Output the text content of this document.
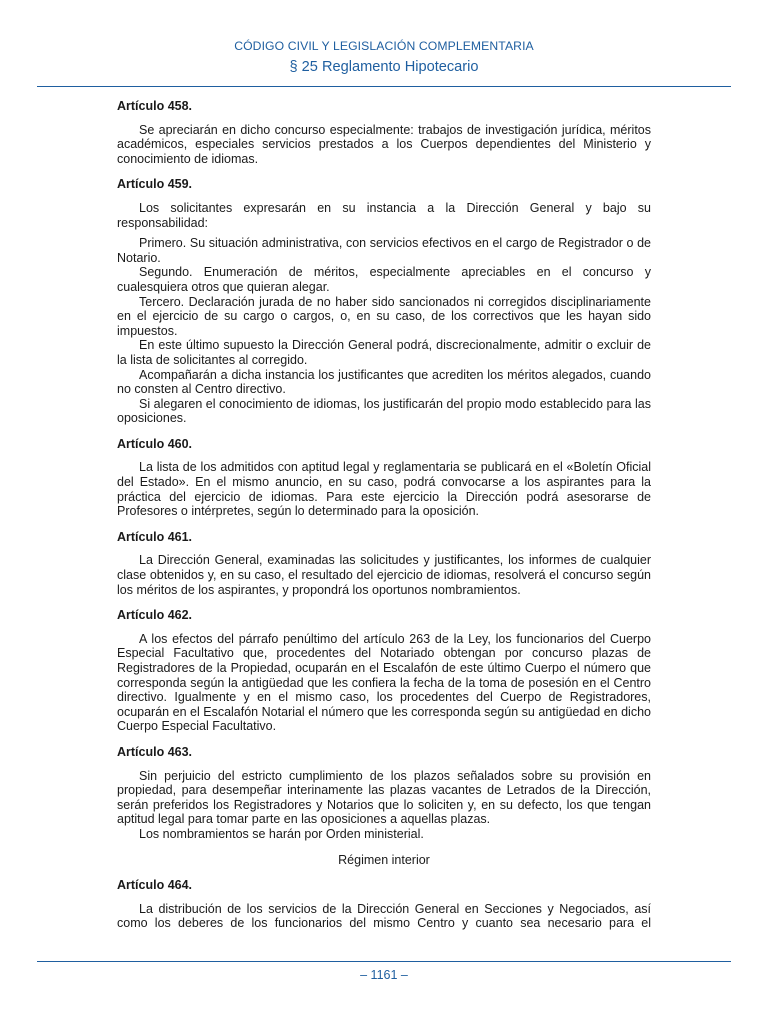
CÓDIGO CIVIL Y LEGISLACIÓN COMPLEMENTARIA
§ 25 Reglamento Hipotecario
Artículo 458.

Se apreciarán en dicho concurso especialmente: trabajos de investigación jurídica, méritos académicos, especiales servicios prestados a los Cuerpos dependientes del Ministerio y conocimiento de idiomas.

Artículo 459.

Los solicitantes expresarán en su instancia a la Dirección General y bajo su responsabilidad:

Primero. Su situación administrativa, con servicios efectivos en el cargo de Registrador o de Notario.

Segundo. Enumeración de méritos, especialmente apreciables en el concurso y cualesquiera otros que quieran alegar.

Tercero. Declaración jurada de no haber sido sancionados ni corregidos disciplinariamente en el ejercicio de su cargo o cargos, o, en su caso, de los correctivos que les hayan sido impuestos.

En este último supuesto la Dirección General podrá, discrecionalmente, admitir o excluir de la lista de solicitantes al corregido.

Acompañarán a dicha instancia los justificantes que acrediten los méritos alegados, cuando no consten al Centro directivo.

Si alegaren el conocimiento de idiomas, los justificarán del propio modo establecido para las oposiciones.

Artículo 460.

La lista de los admitidos con aptitud legal y reglamentaria se publicará en el «Boletín Oficial del Estado». En el mismo anuncio, en su caso, podrá convocarse a los aspirantes para la práctica del ejercicio de idiomas. Para este ejercicio la Dirección podrá asesorarse de Profesores o intérpretes, según lo determinado para la oposición.

Artículo 461.

La Dirección General, examinadas las solicitudes y justificantes, los informes de cualquier clase obtenidos y, en su caso, el resultado del ejercicio de idiomas, resolverá el concurso según los méritos de los aspirantes, y propondrá los oportunos nombramientos.

Artículo 462.

A los efectos del párrafo penúltimo del artículo 263 de la Ley, los funcionarios del Cuerpo Especial Facultativo que, procedentes del Notariado obtengan por concurso plazas de Registradores de la Propiedad, ocuparán en el Escalafón de este último Cuerpo el número que corresponda según la antigüedad que les confiera la fecha de la toma de posesión en el Centro directivo. Igualmente y en el mismo caso, los procedentes del Cuerpo de Registradores, ocuparán en el Escalafón Notarial el número que les corresponda según su antigüedad en dicho Cuerpo Especial Facultativo.

Artículo 463.

Sin perjuicio del estricto cumplimiento de los plazos señalados sobre su provisión en propiedad, para desempeñar interinamente las plazas vacantes de Letrados de la Dirección, serán preferidos los Registradores y Notarios que lo soliciten y, en su defecto, los que tengan aptitud legal para tomar parte en las oposiciones a aquellas plazas.

Los nombramientos se harán por Orden ministerial.

Régimen interior

Artículo 464.

La distribución de los servicios de la Dirección General en Secciones y Negociados, así como los deberes de los funcionarios del mismo Centro y cuanto sea necesario para el

– 1161 –
